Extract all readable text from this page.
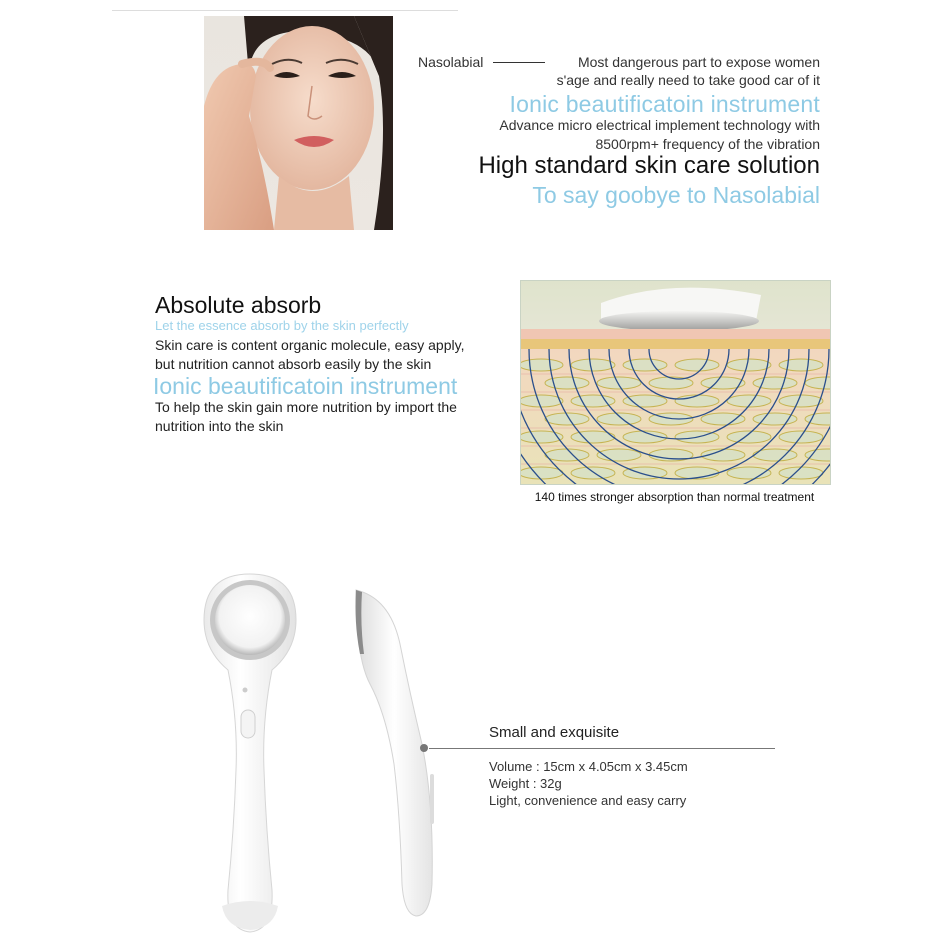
Nasolabial	Most dangerous part to expose women
s'age and really need to take good car of it
Ionic beautificatoin instrument
Advance micro electrical implement technology with
8500rpm+ frequency of the vibration
High standard skin care solution
To say goobye to Nasolabial
Absolute absorb
Let the essence absorb by the skin perfectly
Skin care is content organic molecule, easy apply,
but nutrition cannot absorb easily by the skin
Ionic beautificatoin instrument
To help the skin gain more nutrition by import the
nutrition into the skin
140 times stronger absorption than normal treatment
Small and exquisite
Volume : 15cm x 4.05cm x 3.45cm
Weight : 32g
Light, convenience and easy carry
